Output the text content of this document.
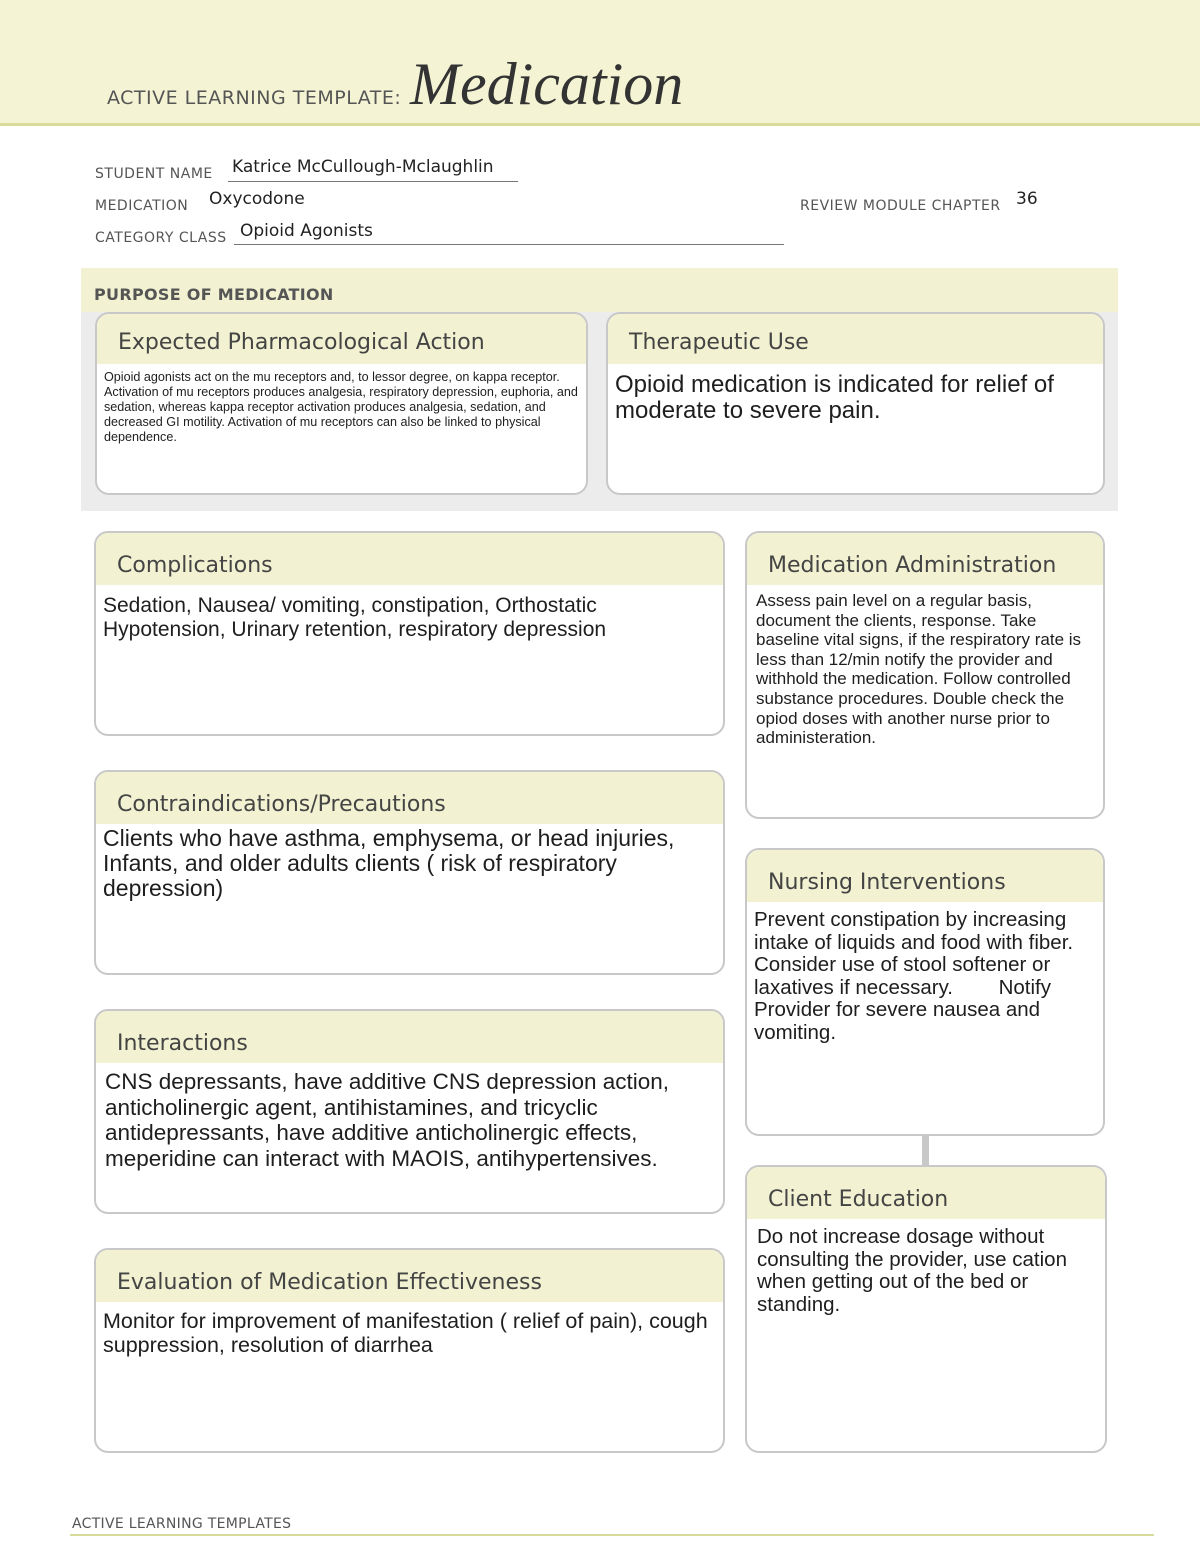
ACTIVE LEARNING TEMPLATE: Medication
STUDENT NAME Katrice McCullough-Mclaughlin
MEDICATION Oxycodone	REVIEW MODULE CHAPTER 36
CATEGORY CLASS Opioid Agonists
PURPOSE OF MEDICATION
Expected Pharmacological Action
Opioid agonists act on the mu receptors and, to lessor degree, on kappa receptor. Activation of mu receptors produces analgesia, respiratory depression, euphoria, and sedation, whereas kappa receptor activation produces analgesia, sedation, and decreased GI motility. Activation of mu receptors can also be linked to physical dependence.
Therapeutic Use
Opioid medication is indicated for relief of moderate to severe pain.
Complications
Sedation, Nausea/ vomiting, constipation, Orthostatic Hypotension, Urinary retention, respiratory depression
Contraindications/Precautions
Clients who have asthma, emphysema, or head injuries, Infants, and older adults clients ( risk of respiratory depression)
Interactions
CNS depressants, have additive CNS depression action, anticholinergic agent, antihistamines, and tricyclic antidepressants, have additive anticholinergic effects, meperidine can interact with MAOIS, antihypertensives.
Evaluation of Medication Effectiveness
Monitor for improvement of manifestation ( relief of pain), cough suppression, resolution of diarrhea
Medication Administration
Assess pain level on a regular basis, document the clients, response. Take baseline vital signs, if the respiratory rate is less than 12/min notify the provider and withhold the medication. Follow controlled substance procedures. Double check the opiod doses with another nurse prior to administeration.
Nursing Interventions
Prevent constipation by increasing intake of liquids and food with fiber. Consider use of stool softener or laxatives if necessary.        Notify Provider for severe nausea and vomiting.
Client Education
Do not increase dosage without consulting the provider, use cation when getting out of the bed or standing.
ACTIVE LEARNING TEMPLATES
